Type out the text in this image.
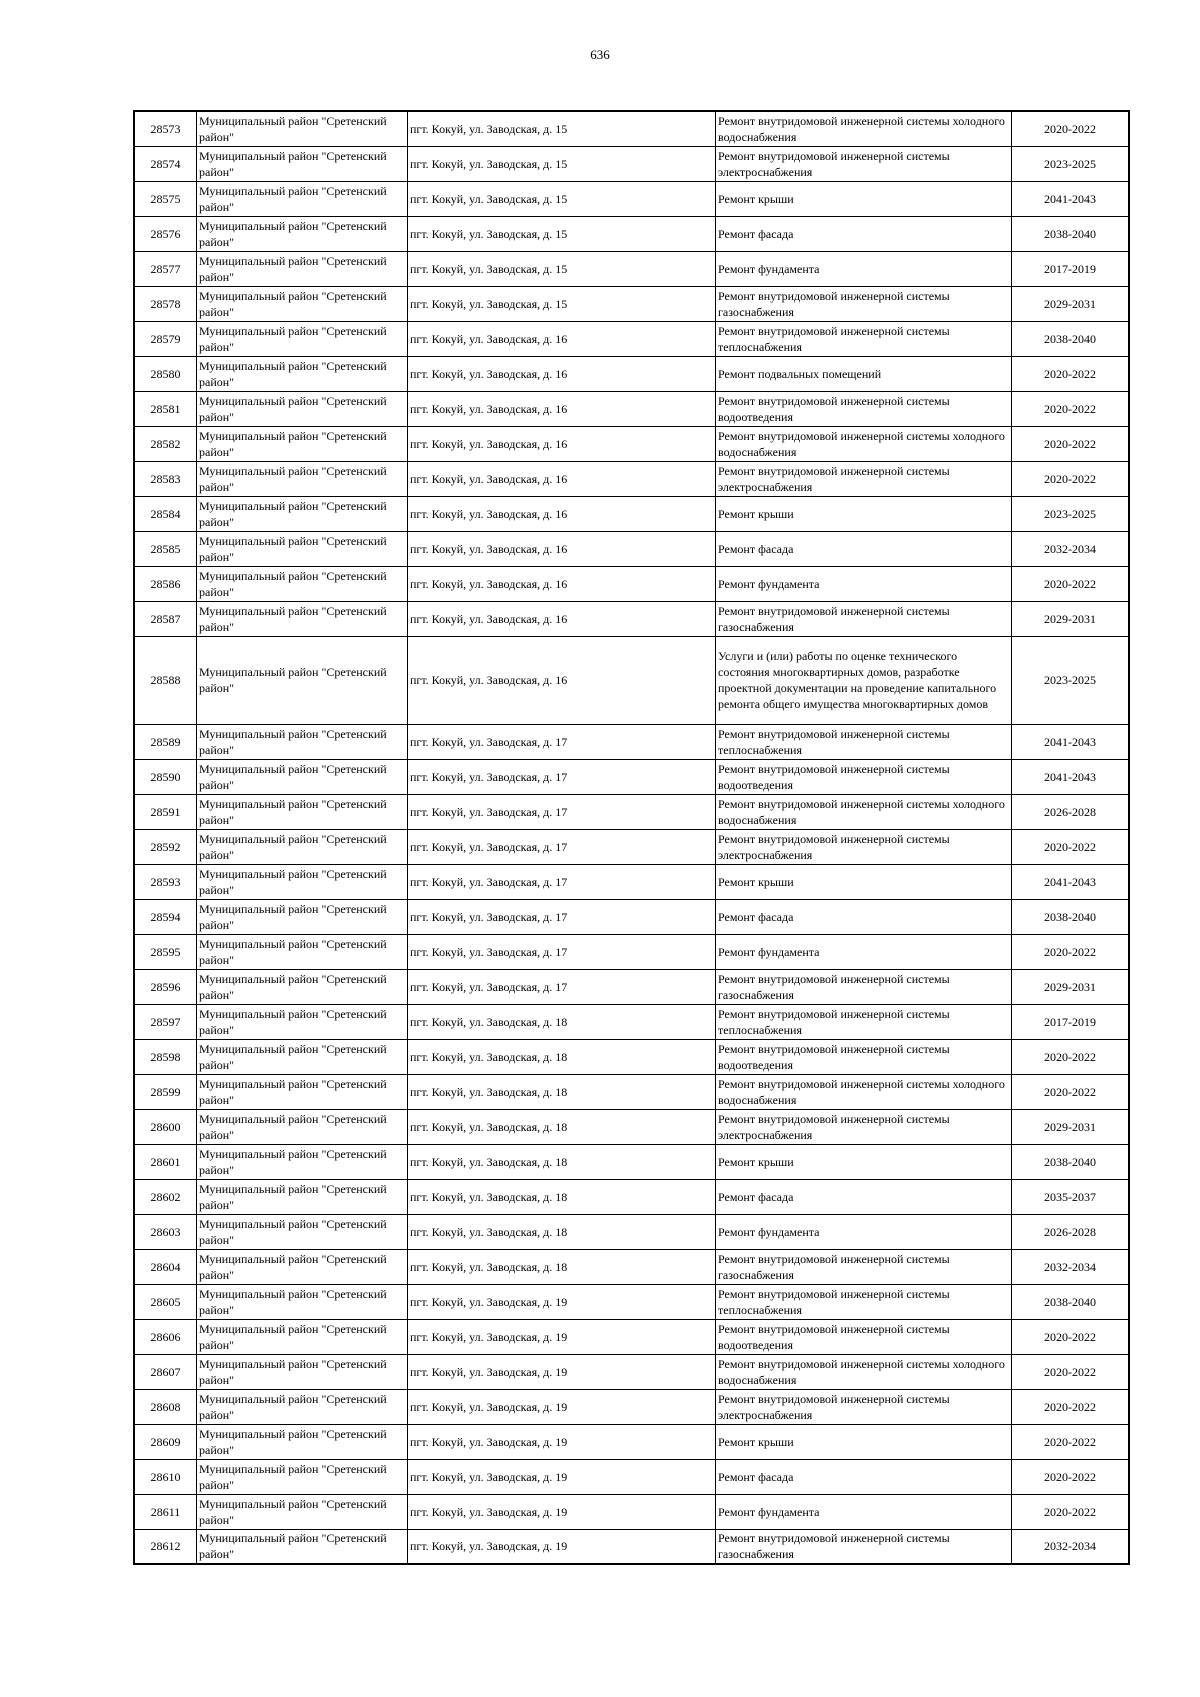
636
28573	Муниципальный район "Сретенский район"	пгт. Кокуй, ул. Заводская, д. 15	Ремонт внутридомовой инженерной системы холодного водоснабжения	2020-2022
28574	Муниципальный район "Сретенский район"	пгт. Кокуй, ул. Заводская, д. 15	Ремонт внутридомовой инженерной системы электроснабжения	2023-2025
28575	Муниципальный район "Сретенский район"	пгт. Кокуй, ул. Заводская, д. 15	Ремонт крыши	2041-2043
28576	Муниципальный район "Сретенский район"	пгт. Кокуй, ул. Заводская, д. 15	Ремонт фасада	2038-2040
28577	Муниципальный район "Сретенский район"	пгт. Кокуй, ул. Заводская, д. 15	Ремонт фундамента	2017-2019
28578	Муниципальный район "Сретенский район"	пгт. Кокуй, ул. Заводская, д. 15	Ремонт внутридомовой инженерной системы газоснабжения	2029-2031
28579	Муниципальный район "Сретенский район"	пгт. Кокуй, ул. Заводская, д. 16	Ремонт внутридомовой инженерной системы теплоснабжения	2038-2040
28580	Муниципальный район "Сретенский район"	пгт. Кокуй, ул. Заводская, д. 16	Ремонт подвальных помещений	2020-2022
28581	Муниципальный район "Сретенский район"	пгт. Кокуй, ул. Заводская, д. 16	Ремонт внутридомовой инженерной системы водоотведения	2020-2022
28582	Муниципальный район "Сретенский район"	пгт. Кокуй, ул. Заводская, д. 16	Ремонт внутридомовой инженерной системы холодного водоснабжения	2020-2022
28583	Муниципальный район "Сретенский район"	пгт. Кокуй, ул. Заводская, д. 16	Ремонт внутридомовой инженерной системы электроснабжения	2020-2022
28584	Муниципальный район "Сретенский район"	пгт. Кокуй, ул. Заводская, д. 16	Ремонт крыши	2023-2025
28585	Муниципальный район "Сретенский район"	пгт. Кокуй, ул. Заводская, д. 16	Ремонт фасада	2032-2034
28586	Муниципальный район "Сретенский район"	пгт. Кокуй, ул. Заводская, д. 16	Ремонт фундамента	2020-2022
28587	Муниципальный район "Сретенский район"	пгт. Кокуй, ул. Заводская, д. 16	Ремонт внутридомовой инженерной системы газоснабжения	2029-2031
28588	Муниципальный район "Сретенский район"	пгт. Кокуй, ул. Заводская, д. 16	Услуги и (или) работы по оценке технического состояния многоквартирных домов, разработке проектной документации на проведение капитального ремонта общего имущества многоквартирных домов	2023-2025
28589	Муниципальный район "Сретенский район"	пгт. Кокуй, ул. Заводская, д. 17	Ремонт внутридомовой инженерной системы теплоснабжения	2041-2043
28590	Муниципальный район "Сретенский район"	пгт. Кокуй, ул. Заводская, д. 17	Ремонт внутридомовой инженерной системы водоотведения	2041-2043
28591	Муниципальный район "Сретенский район"	пгт. Кокуй, ул. Заводская, д. 17	Ремонт внутридомовой инженерной системы холодного водоснабжения	2026-2028
28592	Муниципальный район "Сретенский район"	пгт. Кокуй, ул. Заводская, д. 17	Ремонт внутридомовой инженерной системы электроснабжения	2020-2022
28593	Муниципальный район "Сретенский район"	пгт. Кокуй, ул. Заводская, д. 17	Ремонт крыши	2041-2043
28594	Муниципальный район "Сретенский район"	пгт. Кокуй, ул. Заводская, д. 17	Ремонт фасада	2038-2040
28595	Муниципальный район "Сретенский район"	пгт. Кокуй, ул. Заводская, д. 17	Ремонт фундамента	2020-2022
28596	Муниципальный район "Сретенский район"	пгт. Кокуй, ул. Заводская, д. 17	Ремонт внутридомовой инженерной системы газоснабжения	2029-2031
28597	Муниципальный район "Сретенский район"	пгт. Кокуй, ул. Заводская, д. 18	Ремонт внутридомовой инженерной системы теплоснабжения	2017-2019
28598	Муниципальный район "Сретенский район"	пгт. Кокуй, ул. Заводская, д. 18	Ремонт внутридомовой инженерной системы водоотведения	2020-2022
28599	Муниципальный район "Сретенский район"	пгт. Кокуй, ул. Заводская, д. 18	Ремонт внутридомовой инженерной системы холодного водоснабжения	2020-2022
28600	Муниципальный район "Сретенский район"	пгт. Кокуй, ул. Заводская, д. 18	Ремонт внутридомовой инженерной системы электроснабжения	2029-2031
28601	Муниципальный район "Сретенский район"	пгт. Кокуй, ул. Заводская, д. 18	Ремонт крыши	2038-2040
28602	Муниципальный район "Сретенский район"	пгт. Кокуй, ул. Заводская, д. 18	Ремонт фасада	2035-2037
28603	Муниципальный район "Сретенский район"	пгт. Кокуй, ул. Заводская, д. 18	Ремонт фундамента	2026-2028
28604	Муниципальный район "Сретенский район"	пгт. Кокуй, ул. Заводская, д. 18	Ремонт внутридомовой инженерной системы газоснабжения	2032-2034
28605	Муниципальный район "Сретенский район"	пгт. Кокуй, ул. Заводская, д. 19	Ремонт внутридомовой инженерной системы теплоснабжения	2038-2040
28606	Муниципальный район "Сретенский район"	пгт. Кокуй, ул. Заводская, д. 19	Ремонт внутридомовой инженерной системы водоотведения	2020-2022
28607	Муниципальный район "Сретенский район"	пгт. Кокуй, ул. Заводская, д. 19	Ремонт внутридомовой инженерной системы холодного водоснабжения	2020-2022
28608	Муниципальный район "Сретенский район"	пгт. Кокуй, ул. Заводская, д. 19	Ремонт внутридомовой инженерной системы электроснабжения	2020-2022
28609	Муниципальный район "Сретенский район"	пгт. Кокуй, ул. Заводская, д. 19	Ремонт крыши	2020-2022
28610	Муниципальный район "Сретенский район"	пгт. Кокуй, ул. Заводская, д. 19	Ремонт фасада	2020-2022
28611	Муниципальный район "Сретенский район"	пгт. Кокуй, ул. Заводская, д. 19	Ремонт фундамента	2020-2022
28612	Муниципальный район "Сретенский район"	пгт. Кокуй, ул. Заводская, д. 19	Ремонт внутридомовой инженерной системы газоснабжения	2032-2034
